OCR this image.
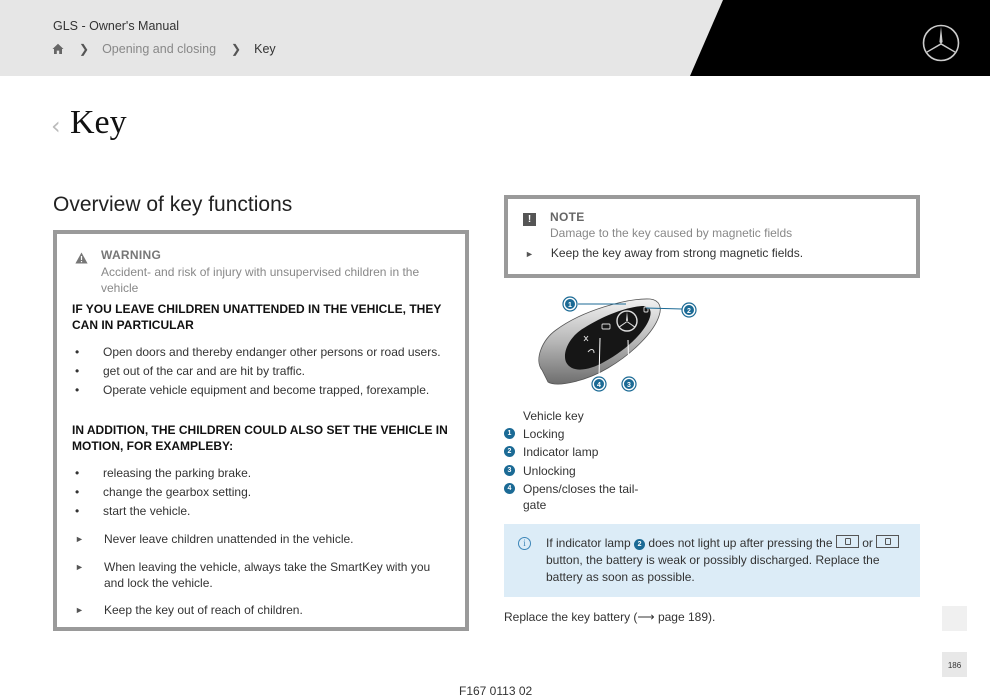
GLS - Owner's Manual
❯ Opening and closing ❯ Key
‹ Key
Overview of key functions
WARNING
Accident- and risk of injury with unsupervised children in the vehicle
IF YOU LEAVE CHILDREN UNATTENDED IN THE VEHICLE, THEY CAN IN PARTICULAR
• Open doors and thereby endanger other persons or road users.
• get out of the car and are hit by traffic.
• Operate vehicle equipment and become trapped, forexample.
IN ADDITION, THE CHILDREN COULD ALSO SET THE VEHICLE IN MOTION, FOR EXAMPLEBY:
• releasing the parking brake.
• change the gearbox setting.
• start the vehicle.
► Never leave children unattended in the vehicle.
► When leaving the vehicle, always take the SmartKey with you and lock the vehicle.
► Keep the key out of reach of children.
!	NOTE
Damage to the key caused by magnetic fields
► Keep the key away from strong magnetic fields.
1
2
3
4
Vehicle key
1 Locking
2 Indicator lamp
3 Unlocking
4 Opens/closes the tail-gate
i	If indicator lamp 2 does not light up after pressing the or  button, the battery is weak or possibly discharged. Replace the battery as soon as possible.
Replace the key battery (⟶ page 189).
186
F167 0113 02
